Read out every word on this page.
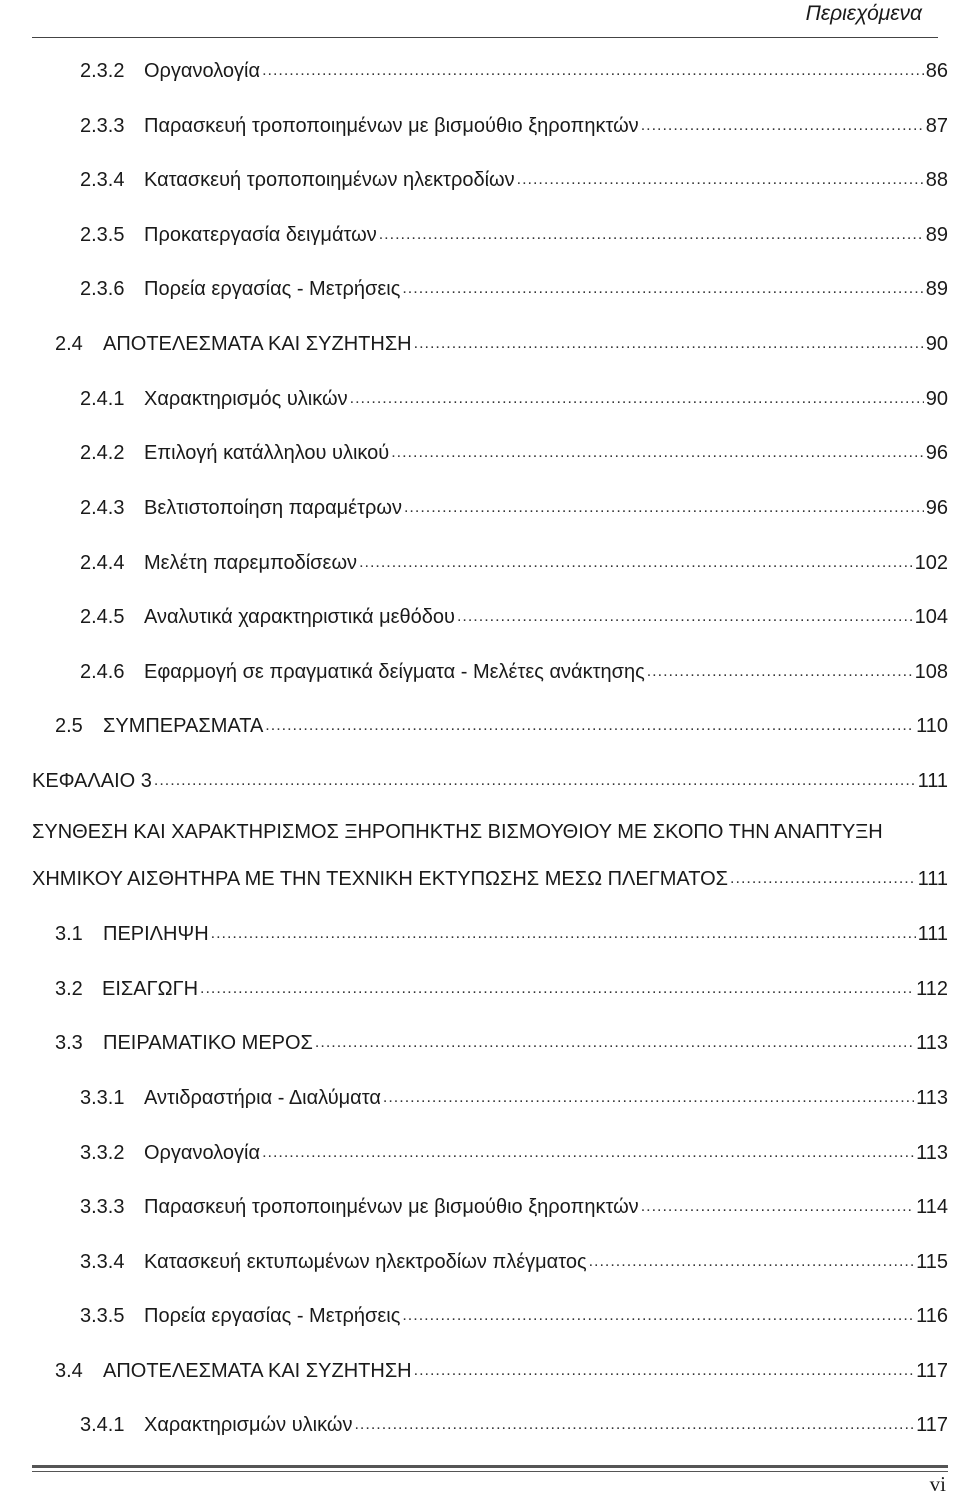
Περιεχόμενα
2.3.2 Οργανολογία .....	86
2.3.3 Παρασκευή τροποποιημένων με βισμούθιο ξηροπηκτών .....	87
2.3.4 Κατασκευή τροποποιημένων ηλεκτροδίων .....	88
2.3.5 Προκατεργασία δειγμάτων .....	89
2.3.6 Πορεία εργασίας - Μετρήσεις .....	89
2.4	ΑΠΟΤΕΛΕΣΜΑΤΑ ΚΑΙ ΣΥΖΗΤΗΣΗ .....	90
2.4.1 Χαρακτηρισμός υλικών .....	90
2.4.2 Επιλογή κατάλληλου υλικού .....	96
2.4.3 Βελτιστοποίηση παραμέτρων .....	96
2.4.4 Μελέτη παρεμποδίσεων .....	102
2.4.5 Αναλυτικά χαρακτηριστικά μεθόδου .....	104
2.4.6 Εφαρμογή σε πραγματικά δείγματα - Μελέτες ανάκτησης .....	108
2.5	ΣΥΜΠΕΡΑΣΜΑΤΑ .....	110
ΚΕΦΑΛΑΙΟ 3 .....	111
ΣΥΝΘΕΣΗ ΚΑΙ ΧΑΡΑΚΤΗΡΙΣΜΟΣ ΞΗΡΟΠΗΚΤΗΣ ΒΙΣΜΟΥΘΙΟΥ ΜΕ ΣΚΟΠΟ ΤΗΝ ΑΝΑΠΤΥΞΗ
ΧΗΜΙΚΟΥ ΑΙΣΘΗΤΗΡΑ ΜΕ ΤΗΝ ΤΕΧΝΙΚΗ ΕΚΤΥΠΩΣΗΣ ΜΕΣΩ ΠΛΕΓΜΑΤΟΣ .....	111
3.1	ΠΕΡΙΛΗΨΗ .....	111
3.2 ΕΙΣΑΓΩΓΗ .....	112
3.3	ΠΕΙΡΑΜΑΤΙΚΟ ΜΕΡΟΣ .....	113
3.3.1 Αντιδραστήρια - Διαλύματα .....	113
3.3.2 Οργανολογία .....	113
3.3.3 Παρασκευή τροποποιημένων με βισμούθιο ξηροπηκτών .....	114
3.3.4 Κατασκευή εκτυπωμένων ηλεκτροδίων πλέγματος .....	115
3.3.5 Πορεία εργασίας - Μετρήσεις .....	116
3.4	ΑΠΟΤΕΛΕΣΜΑΤΑ ΚΑΙ ΣΥΖΗΤΗΣΗ .....	117
3.4.1 Χαρακτηρισμών υλικών .....	117
vi
